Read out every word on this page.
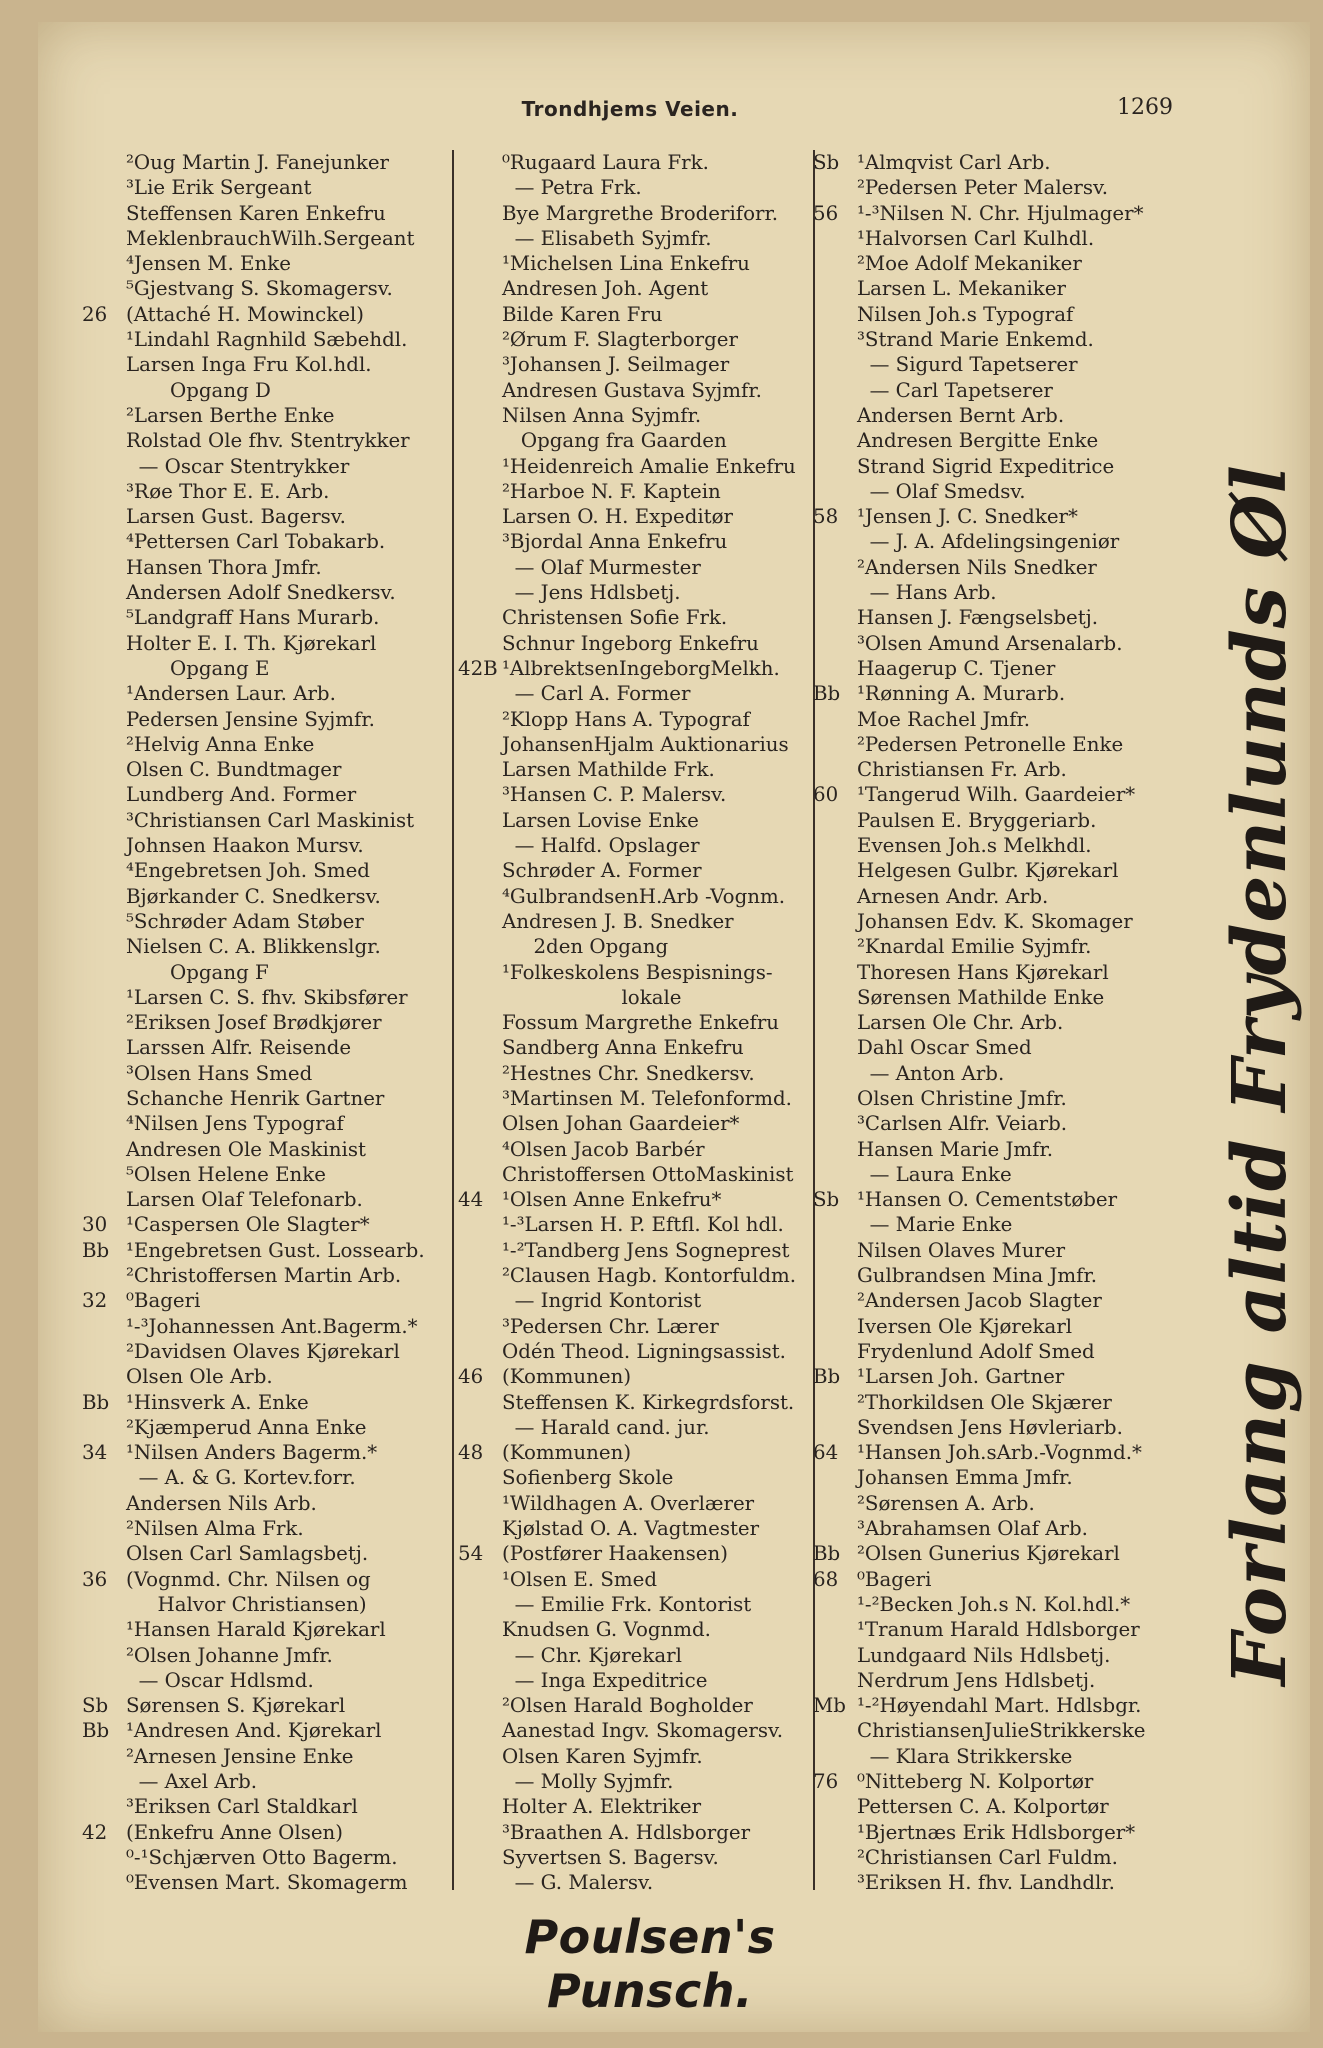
Trondhjems Veien.	1269
²Oug Martin J. Fanejunker
³Lie Erik Sergeant
Steffensen Karen Enkefru
MeklenbrauchWilh.Sergeant
⁴Jensen M. Enke
⁵Gjestvang S. Skomagersv.
26 (Attaché H. Mowinckel)
¹Lindahl Ragnhild Sæbehdl.
Larsen Inga Fru Kol.hdl.
Opgang D
²Larsen Berthe Enke
Rolstad Ole fhv. Stentrykker
— Oscar Stentrykker
³Røe Thor E. E. Arb.
Larsen Gust. Bagersv.
⁴Pettersen Carl Tobakarb.
Hansen Thora Jmfr.
Andersen Adolf Snedkersv.
⁵Landgraff Hans Murarb.
Holter E. I. Th. Kjørekarl
Opgang E
¹Andersen Laur. Arb.
Pedersen Jensine Syjmfr.
²Helvig Anna Enke
Olsen C. Bundtmager
Lundberg And. Former
³Christiansen Carl Maskinist
Johnsen Haakon Mursv.
⁴Engebretsen Joh. Smed
Bjørkander C. Snedkersv.
⁵Schrøder Adam Støber
Nielsen C. A. Blikkenslgr.
Opgang F
¹Larsen C. S. fhv. Skibsfører
²Eriksen Josef Brødkjører
Larssen Alfr. Reisende
³Olsen Hans Smed
Schanche Henrik Gartner
⁴Nilsen Jens Typograf
Andresen Ole Maskinist
⁵Olsen Helene Enke
Larsen Olaf Telefonarb.
30 ¹Caspersen Ole Slagter*
Bb ¹Engebretsen Gust. Lossearb.
²Christoffersen Martin Arb.
32 ⁰Bageri
¹-³Johannessen Ant.Bagerm.*
²Davidsen Olaves Kjørekarl
Olsen Ole Arb.
Bb ¹Hinsverk A. Enke
²Kjæmperud Anna Enke
34 ¹Nilsen Anders Bagerm.*
— A. & G. Kortev.forr.
Andersen Nils Arb.
²Nilsen Alma Frk.
Olsen Carl Samlagsbetj.
36 (Vognmd. Chr. Nilsen og
Halvor Christiansen)
¹Hansen Harald Kjørekarl
²Olsen Johanne Jmfr.
— Oscar Hdlsmd.
Sb Sørensen S. Kjørekarl
Bb ¹Andresen And. Kjørekarl
²Arnesen Jensine Enke
— Axel Arb.
³Eriksen Carl Staldkarl
42 (Enkefru Anne Olsen)
⁰-¹Schjærven Otto Bagerm.
⁰Evensen Mart. Skomagerm
⁰Rugaard Laura Frk.
— Petra Frk.
Bye Margrethe Broderiforr.
— Elisabeth Syjmfr.
¹Michelsen Lina Enkefru
Andresen Joh. Agent
Bilde Karen Fru
²Ørum F. Slagterborger
³Johansen J. Seilmager
Andresen Gustava Syjmfr.
Nilsen Anna Syjmfr.
Opgang fra Gaarden
¹Heidenreich Amalie Enkefru
²Harboe N. F. Kaptein
Larsen O. H. Expeditør
³Bjordal Anna Enkefru
— Olaf Murmester
— Jens Hdlsbetj.
Christensen Sofie Frk.
Schnur Ingeborg Enkefru
42B ¹AlbrektsenIngeborgMelkh.
— Carl A. Former
²Klopp Hans A. Typograf
JohansenHjalm Auktionarius
Larsen Mathilde Frk.
³Hansen C. P. Malersv.
Larsen Lovise Enke
— Halfd. Opslager
Schrøder A. Former
⁴GulbrandsenH.Arb -Vognm.
Andresen J. B. Snedker
2den Opgang
¹Folkeskolens Bespisnings-
lokale
Fossum Margrethe Enkefru
Sandberg Anna Enkefru
²Hestnes Chr. Snedkersv.
³Martinsen M. Telefonformd.
Olsen Johan Gaardeier*
⁴Olsen Jacob Barbér
Christoffersen OttoMaskinist
44 ¹Olsen Anne Enkefru*
¹-³Larsen H. P. Eftfl. Kol hdl.
¹-²Tandberg Jens Sogneprest
²Clausen Hagb. Kontorfuldm.
— Ingrid Kontorist
³Pedersen Chr. Lærer
Odén Theod. Ligningsassist.
46 (Kommunen)
Steffensen K. Kirkegrdsforst.
— Harald cand. jur.
48 (Kommunen)
Sofienberg Skole
¹Wildhagen A. Overlærer
Kjølstad O. A. Vagtmester
54 (Postfører Haakensen)
¹Olsen E. Smed
— Emilie Frk. Kontorist
Knudsen G. Vognmd.
— Chr. Kjørekarl
— Inga Expeditrice
²Olsen Harald Bogholder
Aanestad Ingv. Skomagersv.
Olsen Karen Syjmfr.
— Molly Syjmfr.
Holter A. Elektriker
³Braathen A. Hdlsborger
Syvertsen S. Bagersv.
— G. Malersv.
Sb ¹Almqvist Carl Arb.
²Pedersen Peter Malersv.
56 ¹-³Nilsen N. Chr. Hjulmager*
¹Halvorsen Carl Kulhdl.
²Moe Adolf Mekaniker
Larsen L. Mekaniker
Nilsen Joh.s Typograf
³Strand Marie Enkemd.
— Sigurd Tapetserer
— Carl Tapetserer
Andersen Bernt Arb.
Andresen Bergitte Enke
Strand Sigrid Expeditrice
— Olaf Smedsv.
58 ¹Jensen J. C. Snedker*
— J. A. Afdelingsingeniør
²Andersen Nils Snedker
— Hans Arb.
Hansen J. Fængselsbetj.
³Olsen Amund Arsenalarb.
Haagerup C. Tjener
Bb ¹Rønning A. Murarb.
Moe Rachel Jmfr.
²Pedersen Petronelle Enke
Christiansen Fr. Arb.
60 ¹Tangerud Wilh. Gaardeier*
Paulsen E. Bryggeriarb.
Evensen Joh.s Melkhdl.
Helgesen Gulbr. Kjørekarl
Arnesen Andr. Arb.
Johansen Edv. K. Skomager
²Knardal Emilie Syjmfr.
Thoresen Hans Kjørekarl
Sørensen Mathilde Enke
Larsen Ole Chr. Arb.
Dahl Oscar Smed
— Anton Arb.
Olsen Christine Jmfr.
³Carlsen Alfr. Veiarb.
Hansen Marie Jmfr.
— Laura Enke
Sb ¹Hansen O. Cementstøber
— Marie Enke
Nilsen Olaves Murer
Gulbrandsen Mina Jmfr.
²Andersen Jacob Slagter
Iversen Ole Kjørekarl
Frydenlund Adolf Smed
Bb ¹Larsen Joh. Gartner
²Thorkildsen Ole Skjærer
Svendsen Jens Høvleriarb.
64 ¹Hansen Joh.sArb.-Vognmd.*
Johansen Emma Jmfr.
²Sørensen A. Arb.
³Abrahamsen Olaf Arb.
Bb ²Olsen Gunerius Kjørekarl
68 ⁰Bageri
¹-²Becken Joh.s N. Kol.hdl.*
¹Tranum Harald Hdlsborger
Lundgaard Nils Hdlsbetj.
Nerdrum Jens Hdlsbetj.
Mb ¹-²Høyendahl Mart. Hdlsbgr.
ChristiansenJulieStrikkerske
— Klara Strikkerske
76 ⁰Nitteberg N. Kolportør
Pettersen C. A. Kolportør
¹Bjertnæs Erik Hdlsborger*
²Christiansen Carl Fuldm.
³Eriksen H. fhv. Landhdlr.
Forlang altid Frydenlunds Øl
Poulsen's Punsch.
